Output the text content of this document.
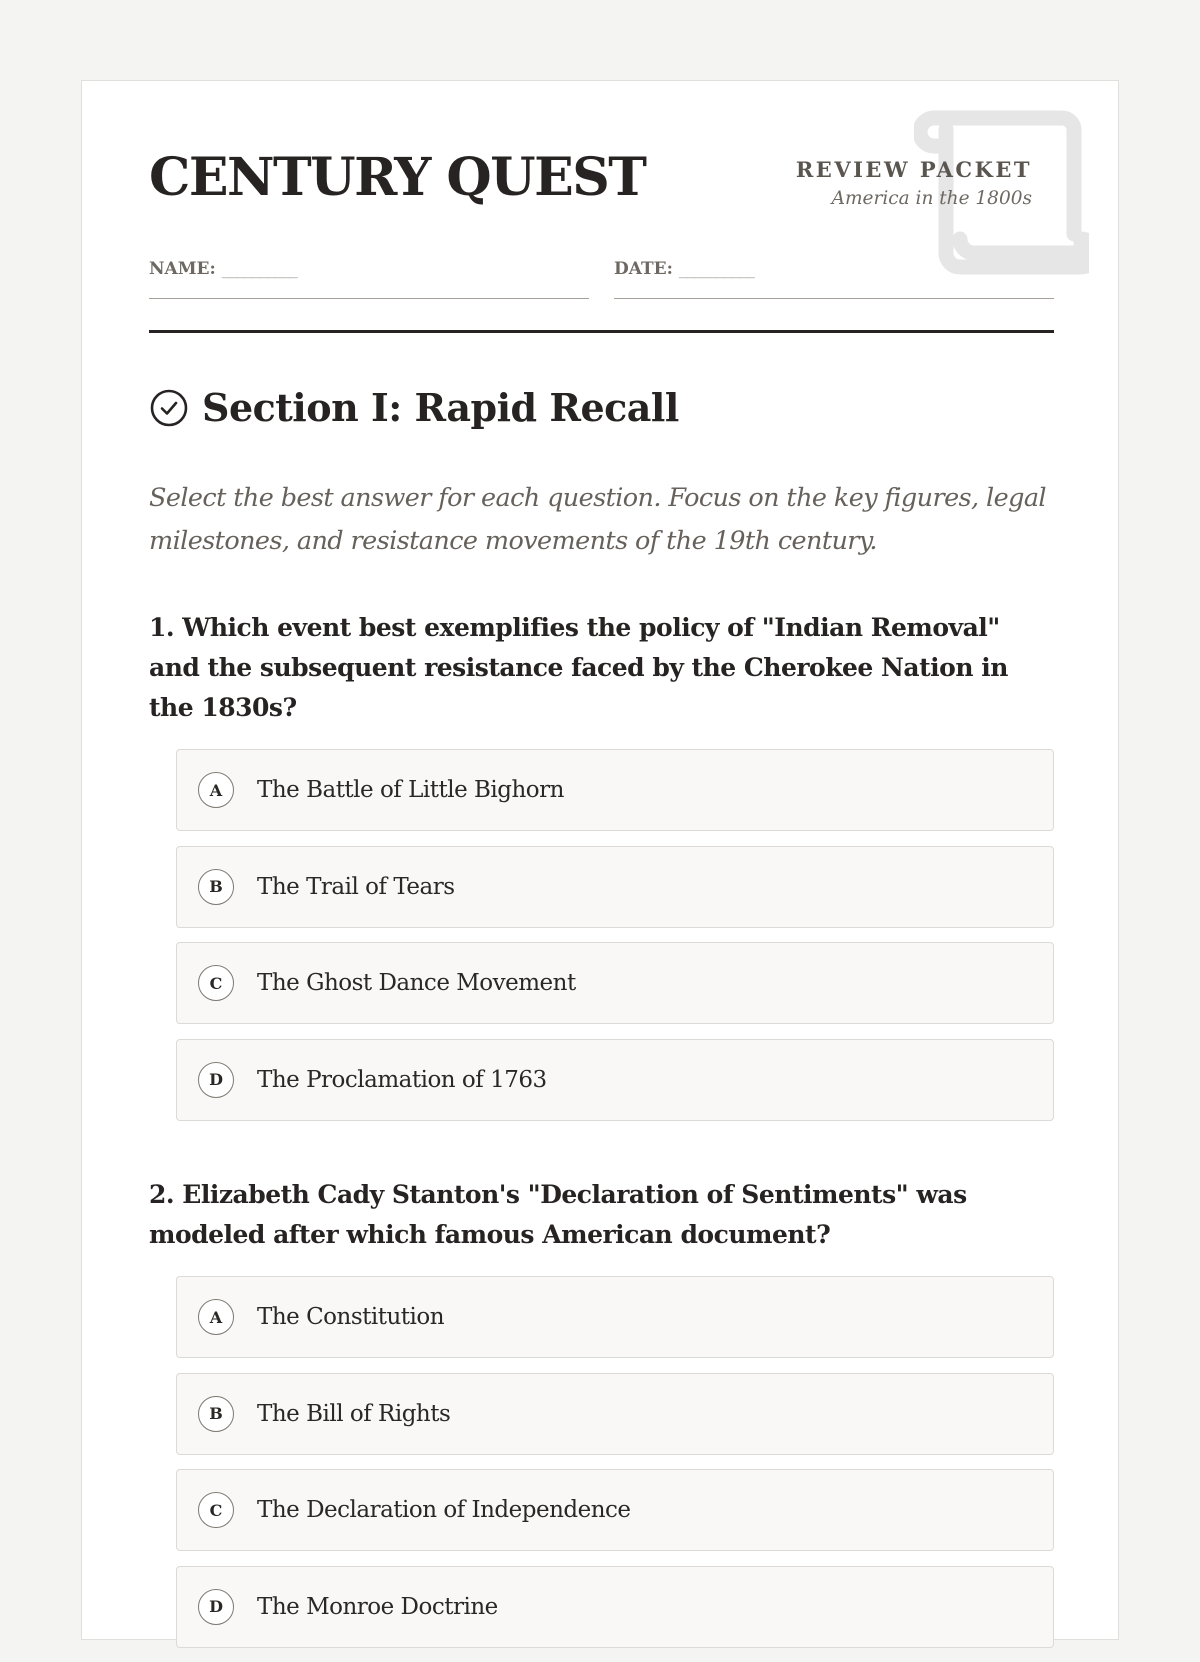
CENTURY QUEST	REVIEW PACKET
America in the 1800s
NAME: __________	DATE: __________
Section I: Rapid Recall

Select the best answer for each question. Focus on the key figures, legal milestones, and resistance movements of the 19th century.

1. Which event best exemplifies the policy of "Indian Removal" and the subsequent resistance faced by the Cherokee Nation in the 1830s?

A	The Battle of Little Bighorn
B	The Trail of Tears
C	The Ghost Dance Movement
D	The Proclamation of 1763

2. Elizabeth Cady Stanton's "Declaration of Sentiments" was modeled after which famous American document?

A	The Constitution
B	The Bill of Rights
C	The Declaration of Independence
D	The Monroe Doctrine
